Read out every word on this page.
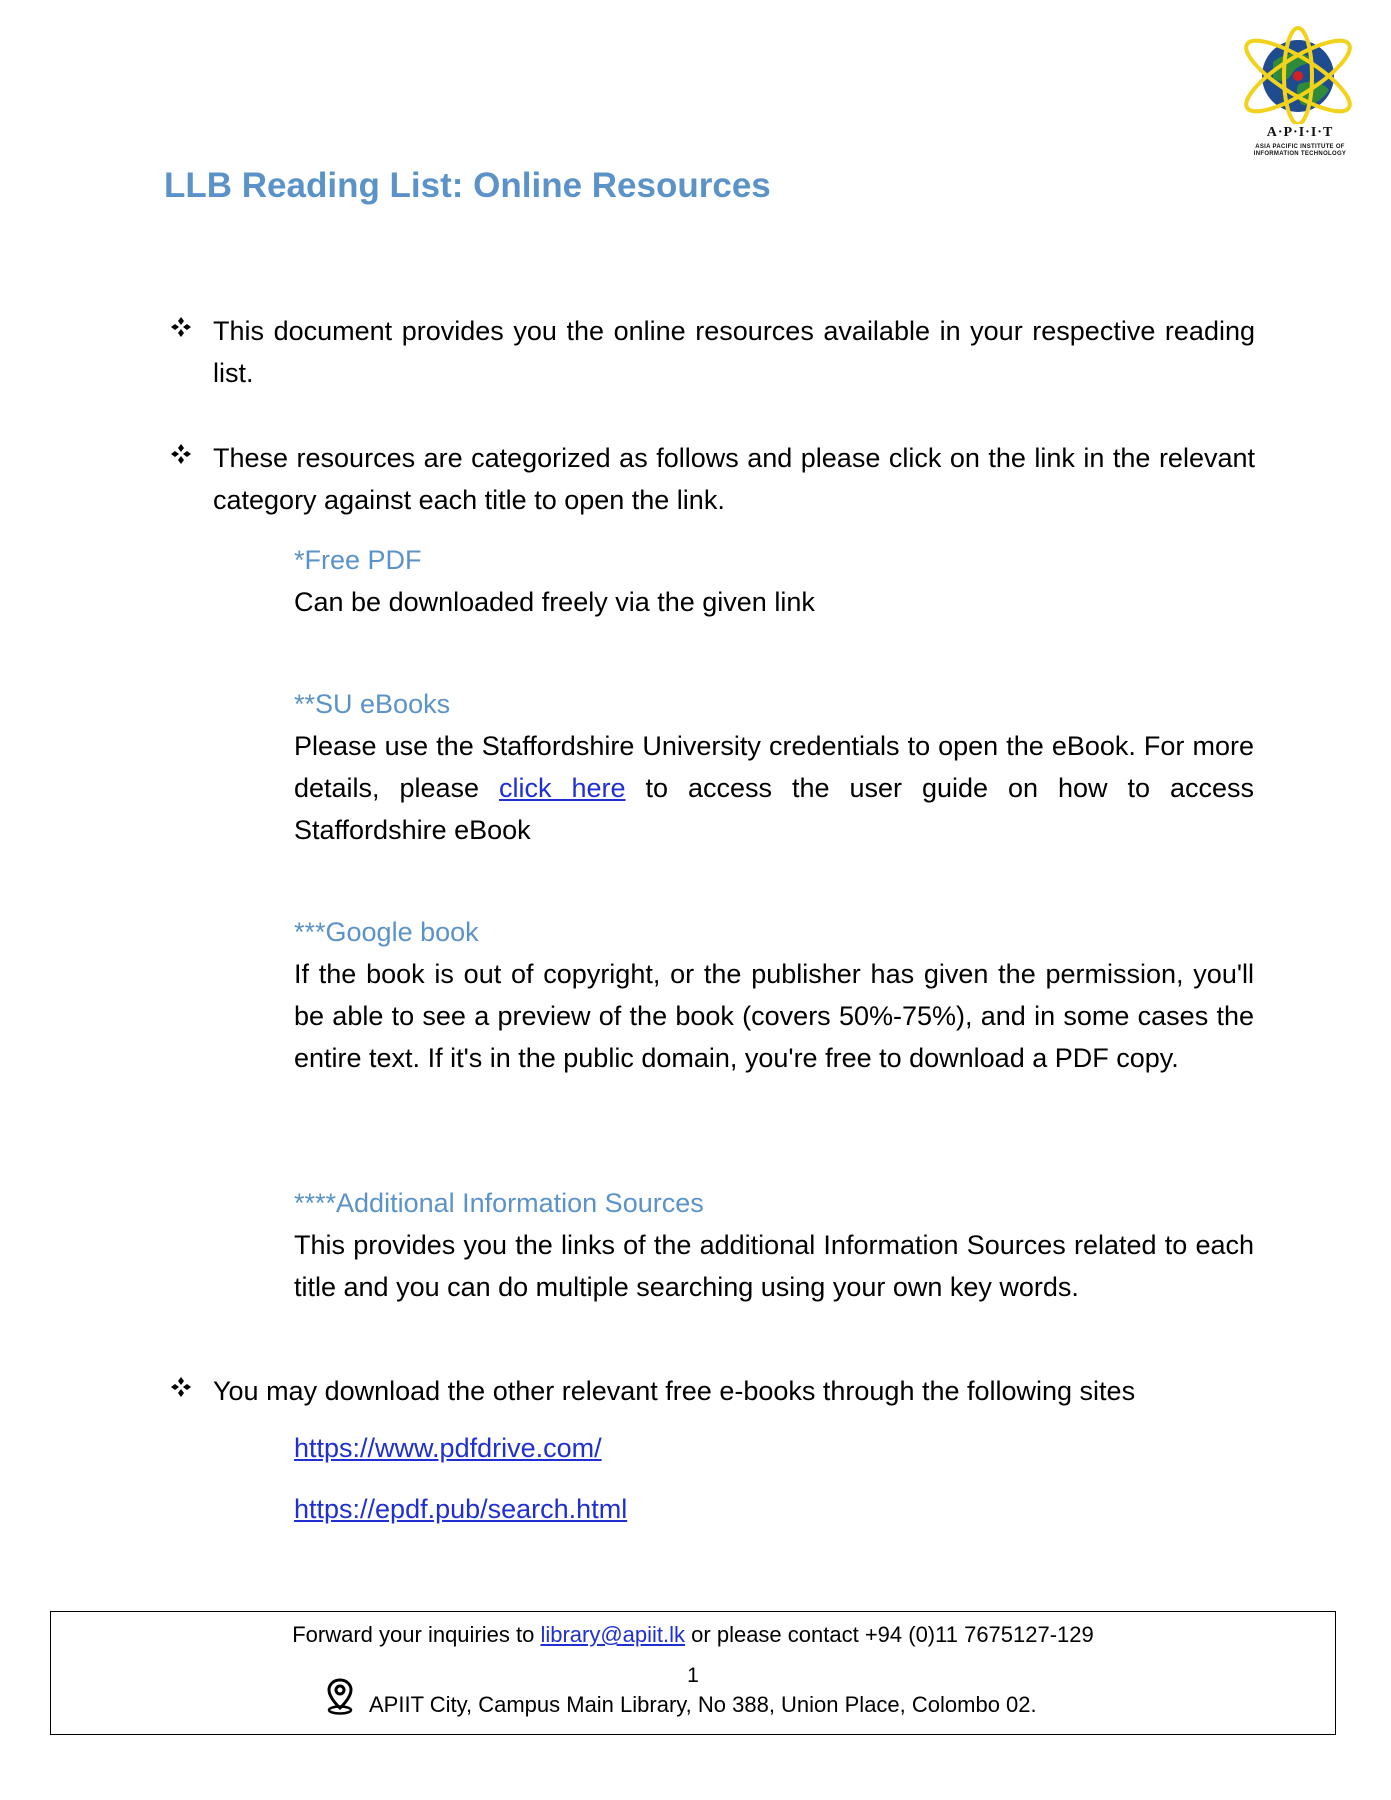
A·P·I·I·T
ASIA PACIFIC INSTITUTE OF
INFORMATION TECHNOLOGY
LLB Reading List: Online Resources

This document provides you the online resources available in your respective reading list.

These resources are categorized as follows and please click on the link in the relevant category against each title to open the link.

*Free PDF

Can be downloaded freely via the given link

**SU eBooks

Please use the Staffordshire University credentials to open the eBook. For more details, please click here to access the user guide on how to access Staffordshire eBook

***Google book

If the book is out of copyright, or the publisher has given the permission, you'll be able to see a preview of the book (covers 50%-75%), and in some cases the entire text. If it's in the public domain, you're free to download a PDF copy.

****Additional Information Sources

This provides you the links of the additional Information Sources related to each title and you can do multiple searching using your own key words.

You may download the other relevant free e-books through the following sites

https://www.pdfdrive.com/
https://epdf.pub/search.html
Forward your inquiries to library@apiit.lk or please contact +94 (0)11 7675127-129
1
APIIT City, Campus Main Library, No 388, Union Place, Colombo 02.
